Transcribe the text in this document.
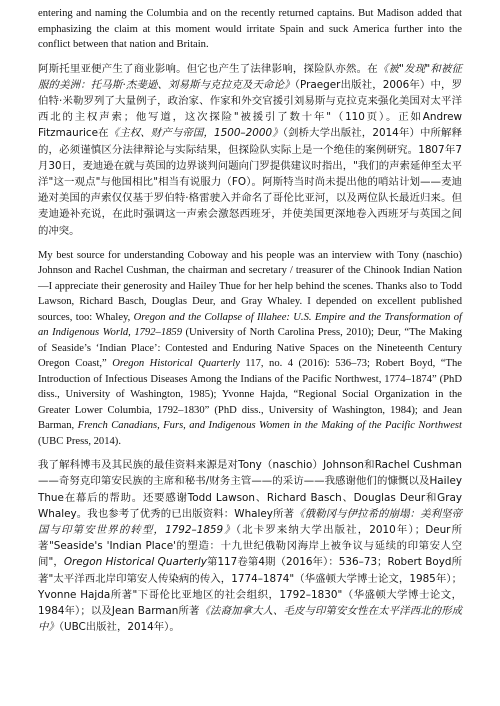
entering and naming the Columbia and on the recently returned captains. But Madison added that emphasizing the claim at this moment would irritate Spain and suck America further into the conflict between that nation and Britain.

阿斯托里亚便产生了商业影响。但它也产生了法律影响，探险队亦然。在《被"发现"和被征服的美洲：托马斯·杰斐逊、刘易斯与克拉克及天命论》（Praeger出版社，2006年）中，罗伯特·米勒罗列了大量例子，政治家、作家和外交官援引刘易斯与克拉克来强化美国对太平洋西北的主权声索；他写道，这次探险"被援引了数十年"（110页）。正如Andrew Fitzmaurice在《主权、财产与帝国，1500–2000》（剑桥大学出版社，2014年）中所解释的，必须谨慎区分法律辩论与实际结果，但探险队实际上是一个绝佳的案例研究。1807年7月30日，麦迪逊在就与英国的边界谈判问题向门罗提供建议时指出，"我们的声索延伸至太平洋"这一观点"与他国相比"相当有说服力（FO）。阿斯特当时尚未提出他的哨站计划——麦迪逊对美国的声索仅仅基于罗伯特·格雷驶入并命名了哥伦比亚河，以及两位队长最近归来。但麦迪逊补充说，在此时强调这一声索会激怒西班牙，并使美国更深地卷入西班牙与英国之间的冲突。

My best source for understanding Coboway and his people was an interview with Tony (naschio) Johnson and Rachel Cushman, the chairman and secretary / treasurer of the Chinook Indian Nation—I appreciate their generosity and Hailey Thue for her help behind the scenes. Thanks also to Todd Lawson, Richard Basch, Douglas Deur, and Gray Whaley. I depended on excellent published sources, too: Whaley, Oregon and the Collapse of Illahee: U.S. Empire and the Transformation of an Indigenous World, 1792–1859 (University of North Carolina Press, 2010); Deur, “The Making of Seaside’s ‘Indian Place’: Contested and Enduring Native Spaces on the Nineteenth Century Oregon Coast,” Oregon Historical Quarterly 117, no. 4 (2016): 536–73; Robert Boyd, “The Introduction of Infectious Diseases Among the Indians of the Pacific Northwest, 1774–1874” (PhD diss., University of Washington, 1985); Yvonne Hajda, “Regional Social Organization in the Greater Lower Columbia, 1792–1830” (PhD diss., University of Washington, 1984); and Jean Barman, French Canadians, Furs, and Indigenous Women in the Making of the Pacific Northwest (UBC Press, 2014).

我了解科博韦及其民族的最佳资料来源是对Tony（naschio）Johnson和Rachel Cushman——奇努克印第安民族的主席和秘书/财务主管——的采访——我感谢他们的慷慨以及Hailey Thue在幕后的帮助。还要感谢Todd Lawson、Richard Basch、Douglas Deur和Gray Whaley。我也参考了优秀的已出版资料：Whaley所著《俄勒冈与伊拉希的崩塌：美利坚帝国与印第安世界的转型，1792–1859》（北卡罗来纳大学出版社，2010年）；Deur所著"Seaside's 'Indian Place'的塑造：十九世纪俄勒冈海岸上被争议与延续的印第安人空间"，Oregon Historical Quarterly第117卷第4期（2016年）：536–73；Robert Boyd所著"太平洋西北岸印第安人传染病的传入，1774–1874"（华盛顿大学博士论文，1985年）；Yvonne Hajda所著"下哥伦比亚地区的社会组织，1792–1830"（华盛顿大学博士论文，1984年）；以及Jean Barman所著《法裔加拿大人、毛皮与印第安女性在太平洋西北的形成中》（UBC出版社，2014年）。
